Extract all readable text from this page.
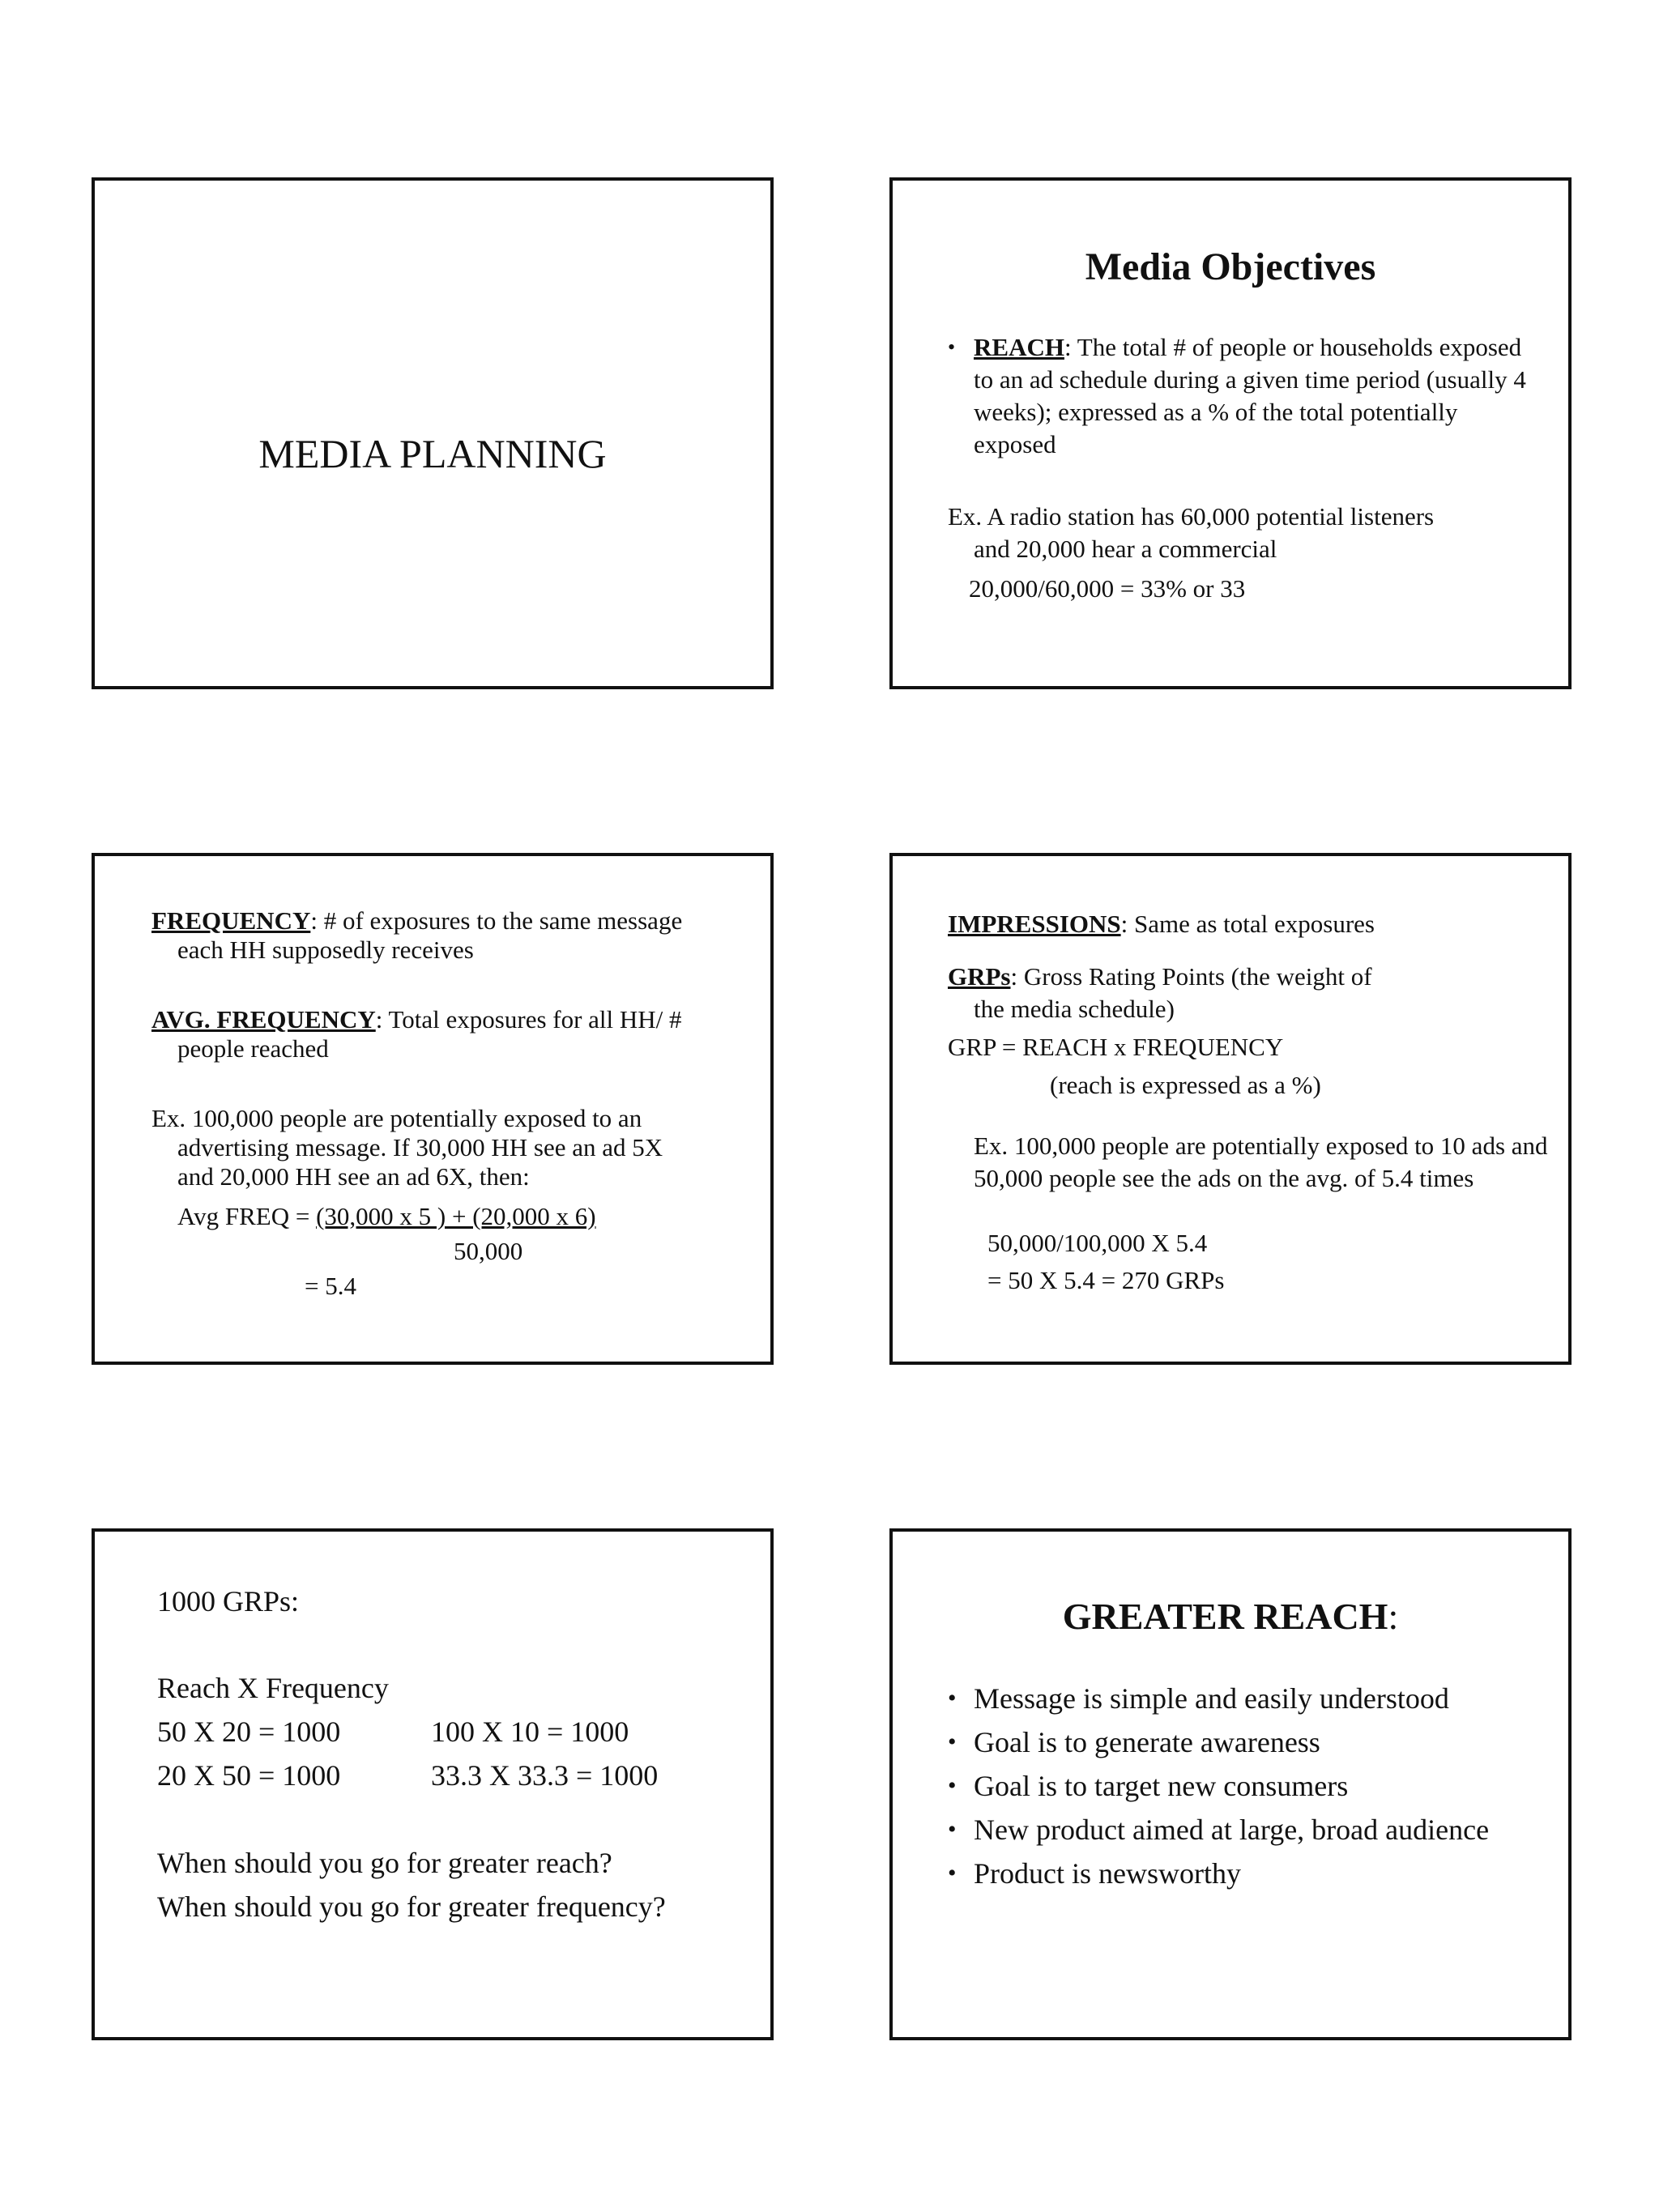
MEDIA PLANNING
Media Objectives
• REACH: The total # of people or households exposed to an ad schedule during a given time period (usually 4 weeks); expressed as a % of the total potentially exposed
Ex. A radio station has 60,000 potential listeners
and 20,000 hear a commercial
20,000/60,000 = 33% or 33
FREQUENCY: # of exposures to the same message
each HH supposedly receives
AVG. FREQUENCY: Total exposures for all HH/ #
people reached
Ex. 100,000 people are potentially exposed to an
advertising message. If 30,000 HH see an ad 5X
and 20,000 HH see an ad 6X, then:
Avg FREQ = (30,000 x 5 ) + (20,000 x 6)
50,000
= 5.4
IMPRESSIONS: Same as total exposures
GRPs: Gross Rating Points (the weight of
the media schedule)
GRP = REACH x FREQUENCY
(reach is expressed as a %)
Ex. 100,000 people are potentially exposed to 10 ads and 50,000 people see the ads on the avg. of 5.4 times
50,000/100,000 X 5.4
= 50 X 5.4 = 270 GRPs
1000 GRPs:
Reach X Frequency
50 X 20 = 1000	100 X 10 = 1000
20 X 50 = 1000	33.3 X 33.3 = 1000
When should you go for greater reach?
When should you go for greater frequency?
GREATER REACH:
• Message is simple and easily understood
• Goal is to generate awareness
• Goal is to target new consumers
• New product aimed at large, broad audience
• Product is newsworthy
